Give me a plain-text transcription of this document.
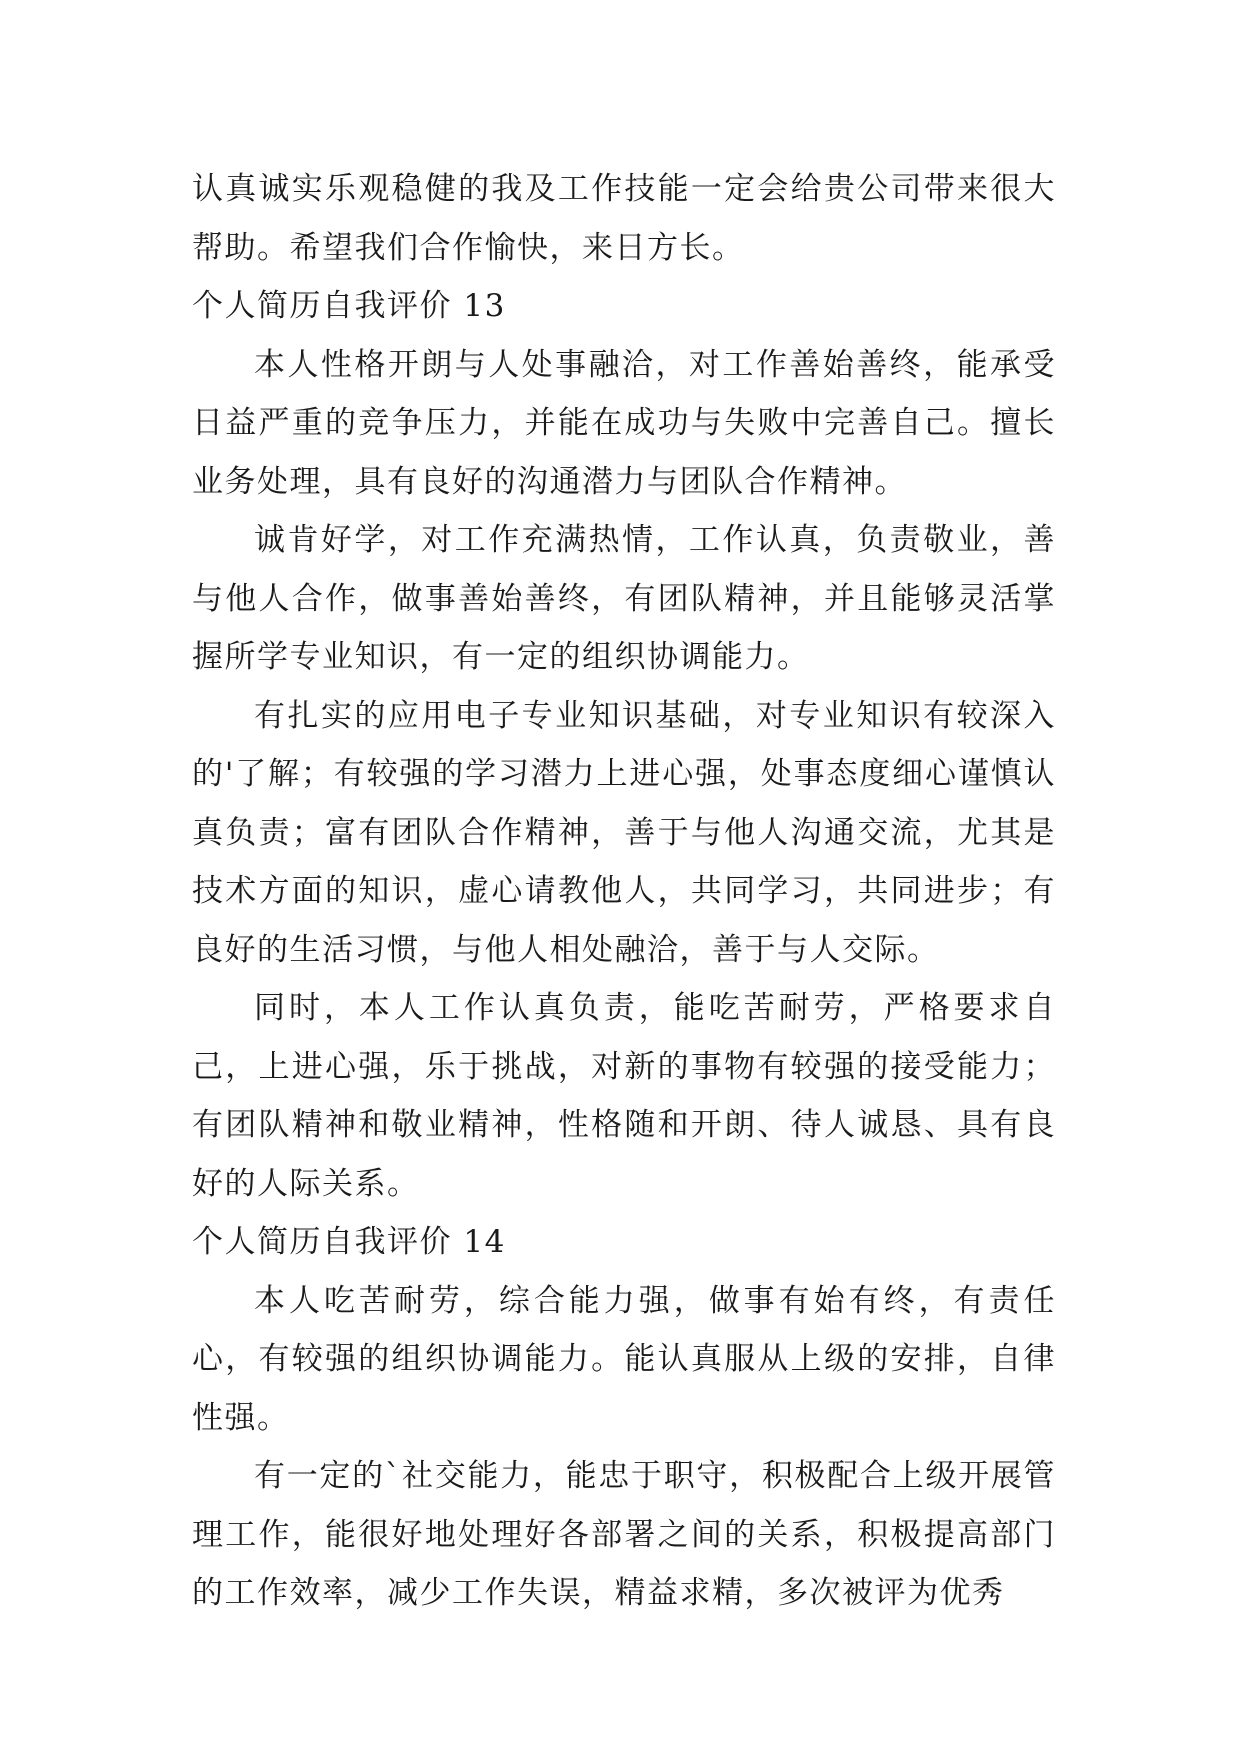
认真诚实乐观稳健的我及工作技能一定会给贵公司带来很大帮助。希望我们合作愉快，来日方长。

个人简历自我评价 13

本人性格开朗与人处事融洽，对工作善始善终，能承受日益严重的竞争压力，并能在成功与失败中完善自己。擅长业务处理，具有良好的沟通潜力与团队合作精神。

诚肯好学，对工作充满热情，工作认真，负责敬业，善与他人合作，做事善始善终，有团队精神，并且能够灵活掌握所学专业知识，有一定的组织协调能力。

有扎实的应用电子专业知识基础，对专业知识有较深入的'了解；有较强的学习潜力上进心强，处事态度细心谨慎认真负责；富有团队合作精神，善于与他人沟通交流，尤其是技术方面的知识，虚心请教他人，共同学习，共同进步；有良好的生活习惯，与他人相处融洽，善于与人交际。

同时，本人工作认真负责，能吃苦耐劳，严格要求自己，上进心强，乐于挑战，对新的事物有较强的接受能力；有团队精神和敬业精神，性格随和开朗、待人诚恳、具有良好的人际关系。

个人简历自我评价 14

本人吃苦耐劳，综合能力强，做事有始有终，有责任心，有较强的组织协调能力。能认真服从上级的安排，自律性强。

有一定的`社交能力，能忠于职守，积极配合上级开展管理工作，能很好地处理好各部署之间的关系，积极提高部门的工作效率，减少工作失误，精益求精，多次被评为优秀
